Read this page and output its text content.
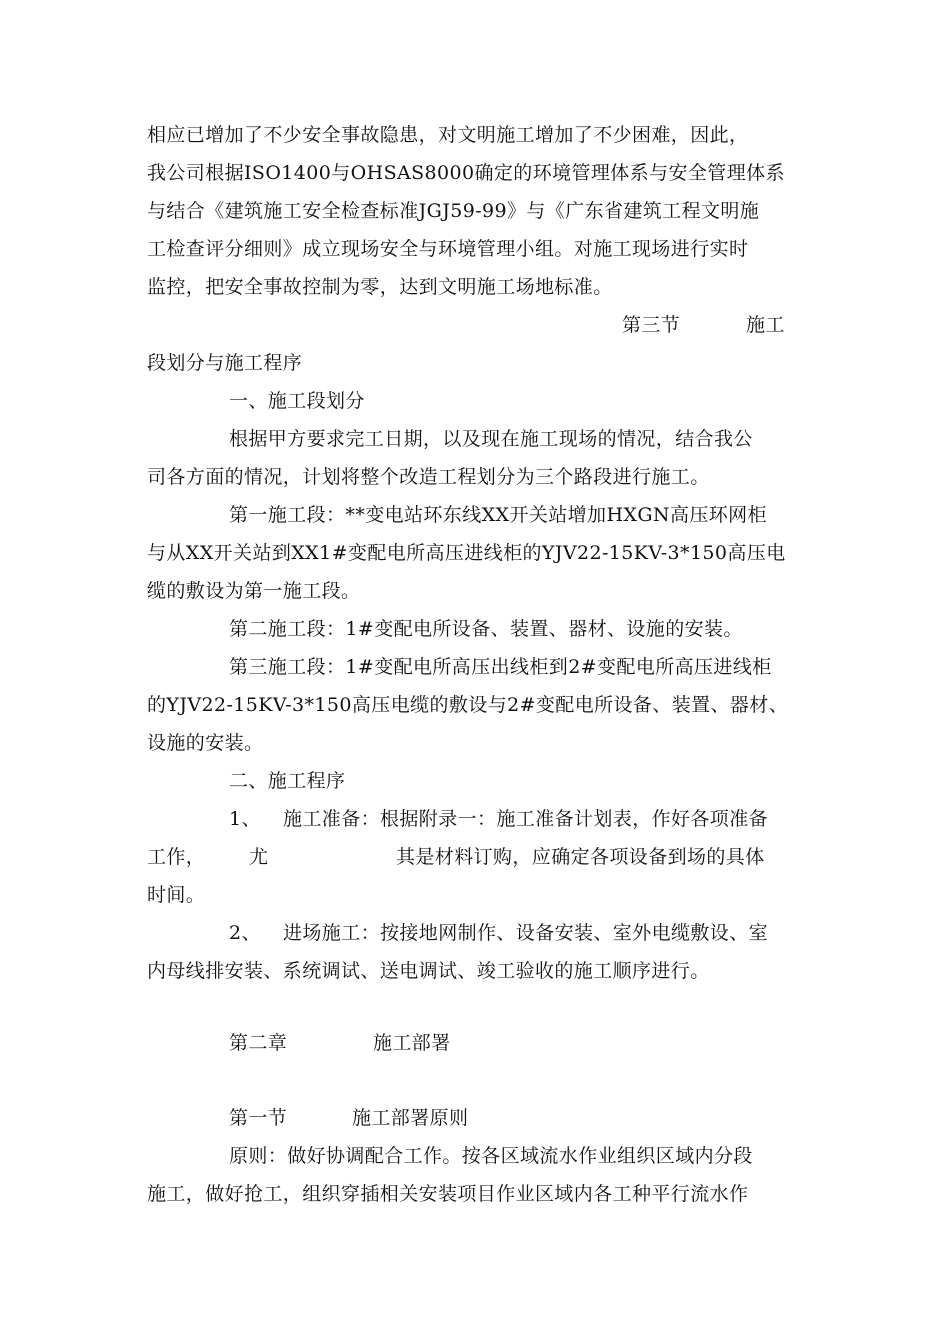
相应已增加了不少安全事故隐患，对文明施工增加了不少困难，因此，
我公司根据ISO1400与OHSAS8000确定的环境管理体系与安全管理体系
与结合《建筑施工安全检查标准JGJ59-99》与《广东省建筑工程文明施
工检查评分细则》成立现场安全与环境管理小组。对施工现场进行实时
监控，把安全事故控制为零，达到文明施工场地标准。
第三节	施工
段划分与施工程序
一、施工段划分
根据甲方要求完工日期，以及现在施工现场的情况，结合我公
司各方面的情况，计划将整个改造工程划分为三个路段进行施工。
第一施工段：**变电站环东线XX开关站增加HXGN高压环网柜
与从XX开关站到XX1#变配电所高压进线柜的YJV22-15KV-3*150高压电
缆的敷设为第一施工段。
第二施工段：1#变配电所设备、装置、器材、设施的安装。
第三施工段：1#变配电所高压出线柜到2#变配电所高压进线柜
的YJV22-15KV-3*150高压电缆的敷设与2#变配电所设备、装置、器材、
设施的安装。
二、施工程序
1、 施工准备：根据附录一：施工准备计划表，作好各项准备
工作， 尤	其是材料订购，应确定各项设备到场的具体
时间。
2、 进场施工：按接地网制作、设备安装、室外电缆敷设、室
内母线排安装、系统调试、送电调试、竣工验收的施工顺序进行。
第二章	施工部署
第一节	施工部署原则
原则：做好协调配合工作。按各区域流水作业组织区域内分段
施工，做好抢工，组织穿插相关安装项目作业区域内各工种平行流水作
